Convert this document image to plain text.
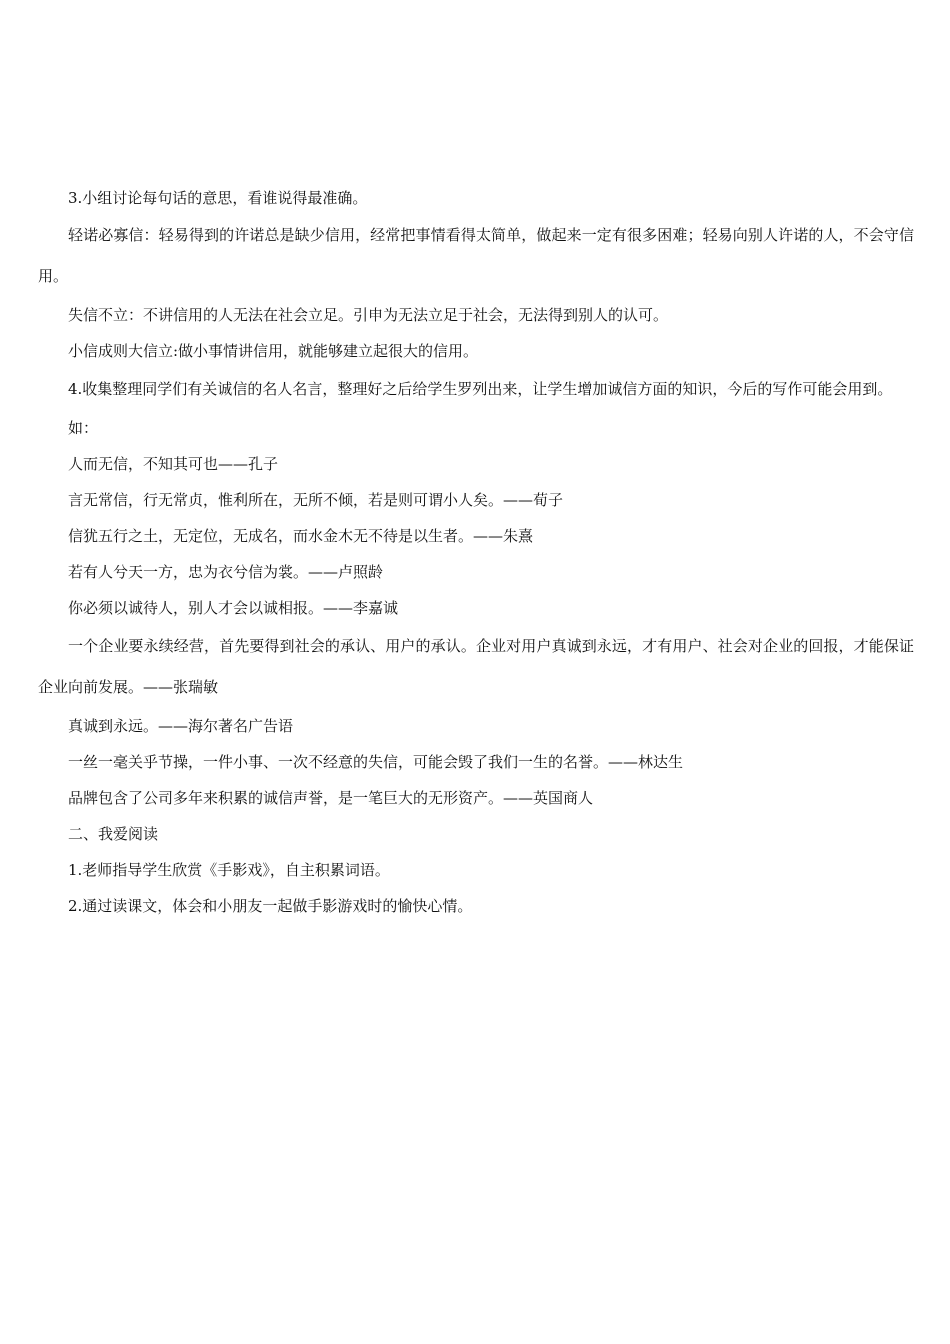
3.小组讨论每句话的意思，看谁说得最准确。

轻诺必寡信：轻易得到的许诺总是缺少信用，经常把事情看得太简单，做起来一定有很多困难；轻易向别人许诺的人，不会守信用。

失信不立：不讲信用的人无法在社会立足。引申为无法立足于社会，无法得到别人的认可。

小信成则大信立:做小事情讲信用，就能够建立起很大的信用。

4.收集整理同学们有关诚信的名人名言，整理好之后给学生罗列出来，让学生增加诚信方面的知识，今后的写作可能会用到。

如：

人而无信，不知其可也——孔子

言无常信，行无常贞，惟利所在，无所不倾，若是则可谓小人矣。——荀子

信犹五行之土，无定位，无成名，而水金木无不待是以生者。——朱熹

若有人兮天一方，忠为衣兮信为裳。——卢照龄

你必须以诚待人，别人才会以诚相报。——李嘉诚

一个企业要永续经营，首先要得到社会的承认、用户的承认。企业对用户真诚到永远，才有用户、社会对企业的回报，才能保证企业向前发展。——张瑞敏

真诚到永远。——海尔著名广告语

一丝一毫关乎节操，一件小事、一次不经意的失信，可能会毁了我们一生的名誉。——林达生

品牌包含了公司多年来积累的诚信声誉，是一笔巨大的无形资产。——英国商人

二、我爱阅读

1.老师指导学生欣赏《手影戏》，自主积累词语。

2.通过读课文，体会和小朋友一起做手影游戏时的愉快心情。
